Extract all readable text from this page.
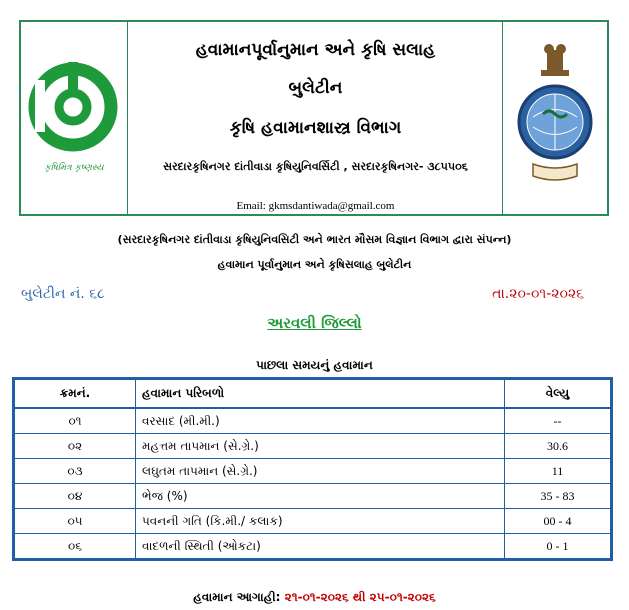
કૃષિમિત્ર કૃષ્ણસ્ય
હવામાનપૂર્વાનુમાન અને કૃષિ સલાહ
બુલેટીન
કૃષિ હવામાનશાસ્ત્ર વિભાગ
સરદારકૃષિનગર દાંતીવાડા કૃષિયુનિવર્સિટી , સરદારકૃષિનગર- ૩૮૫૫૦૬
Email: gkmsdantiwada@gmail.com
(સરદારકૃષિનગર દાંતીવાડા કૃષિયુનિવસિટી અને ભારત મૌસમ વિજ્ઞાન વિભાગ દ્વારા સંપન્ન)
હવામાન પૂર્વાનુમાન અને કૃષિસલાહ બુલેટીન
બુલેટીન નં. ૬૮	તા.૨૦-૦૧-૨૦૨૬
અરવલી જિલ્લો
પાછલા સમયનું હવામાન
ક્રમનં.	હવામાન પરિબળો	વેલ્યુ
૦૧	વરસાદ (મી.મી.)	--
૦૨	મહત્તમ તાપમાન (સે.ગ્રે.)	30.6
૦૩	લઘુતમ તાપમાન (સે.ગ્રે.)	11
૦૪	ભેજ (%)	35 - 83
૦૫	પવનની ગતિ (કિ.મી./ કલાક)	00 - 4
૦૬	વાદળની સ્થિતી (ઓકટા)	0 - 1
હવામાન આગાહી: ૨૧-૦૧-૨૦૨૬ થી ૨૫-૦૧-૨૦૨૬
